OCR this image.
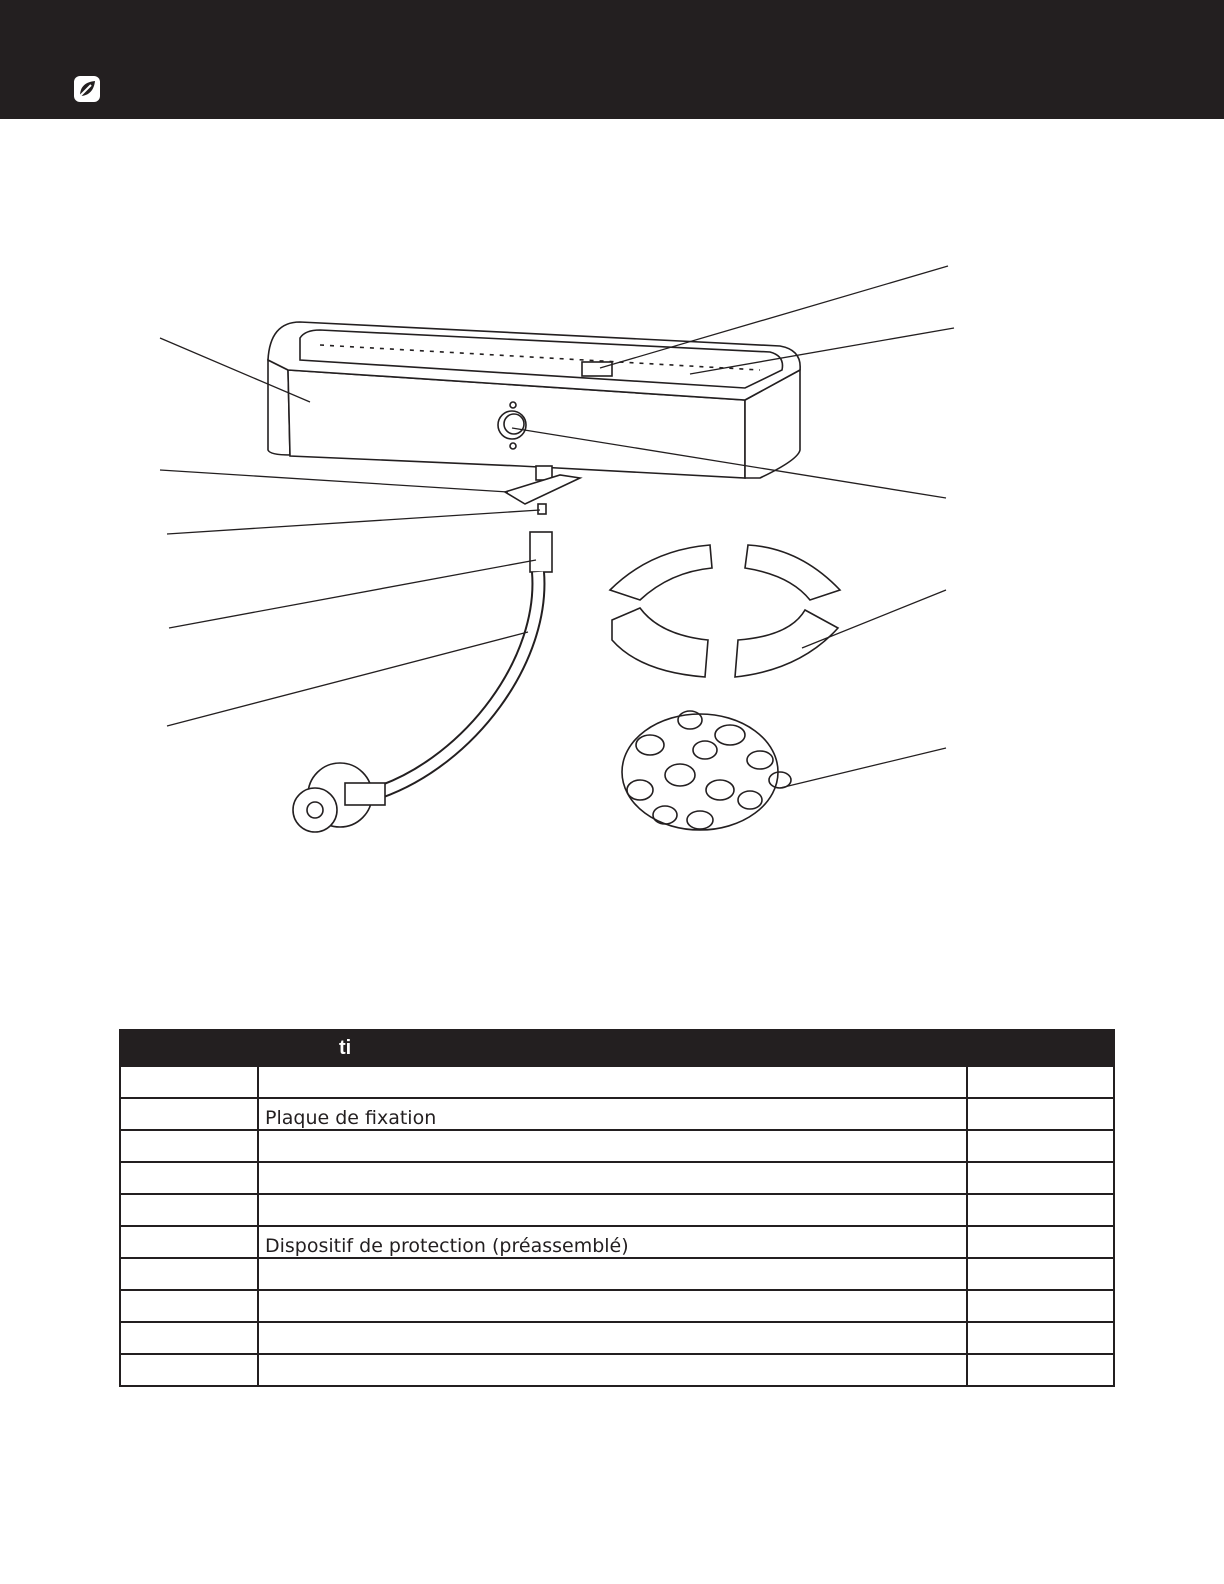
ti		

	Plaque de fixation	

	Dispositif de protection (préassemblé)	
